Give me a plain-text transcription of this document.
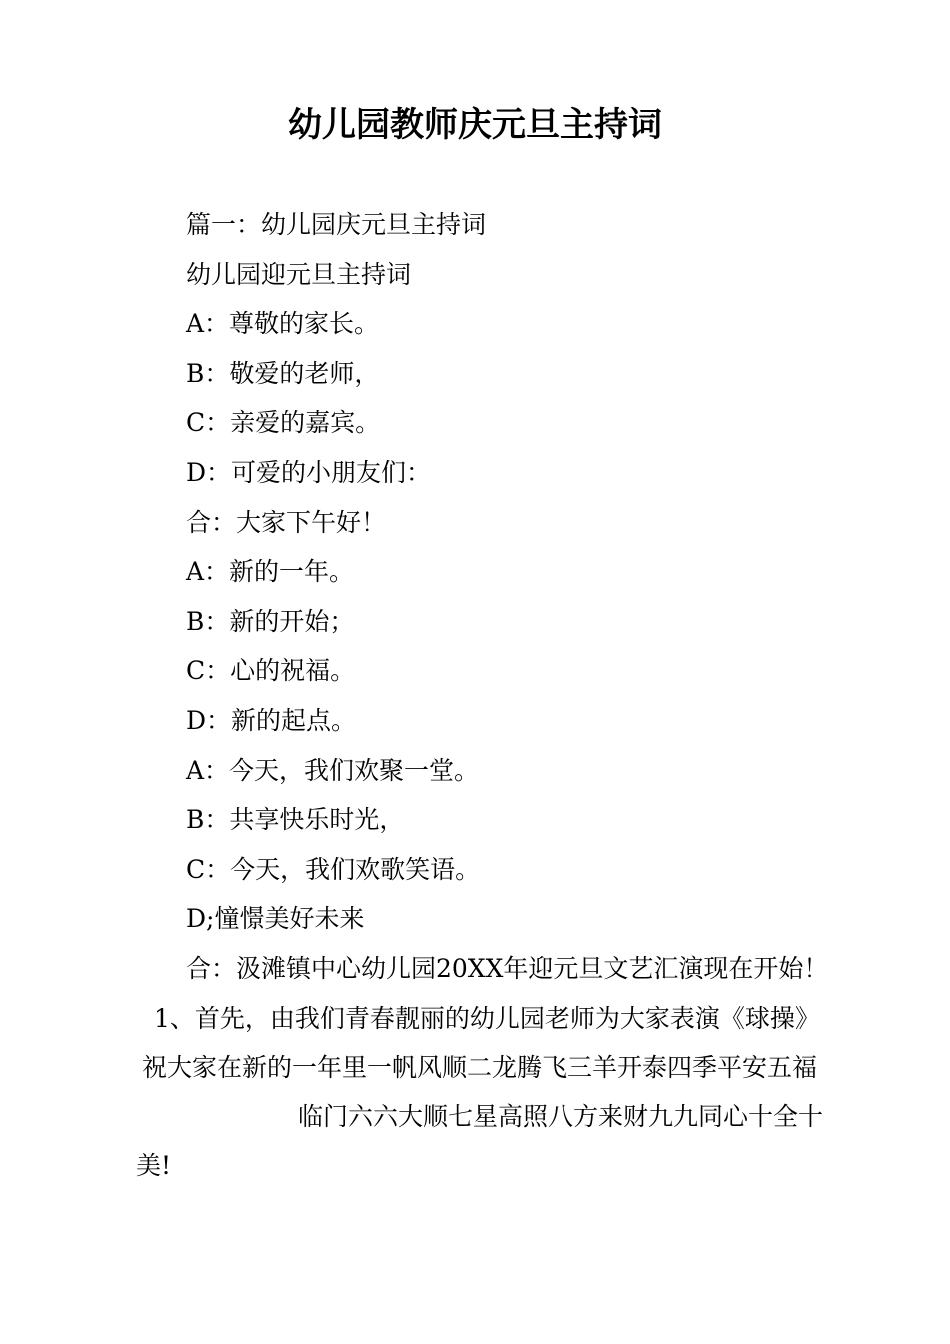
幼儿园教师庆元旦主持词

篇一：幼儿园庆元旦主持词

幼儿园迎元旦主持词

A：尊敬的家长。

B：敬爱的老师，

C：亲爱的嘉宾。

D：可爱的小朋友们：

合：大家下午好！

A：新的一年。

B：新的开始；

C：心的祝福。

D：新的起点。

A：今天，我们欢聚一堂。

B：共享快乐时光，

C：今天，我们欢歌笑语。

D;憧憬美好未来

合：汲滩镇中心幼儿园20XX年迎元旦文艺汇演现在开始！

1、首先，由我们青春靓丽的幼儿园老师为大家表演《球操》

祝大家在新的一年里一帆风顺二龙腾飞三羊开泰四季平安五福

临门六六大顺七星高照八方来财九九同心十全十

美!
